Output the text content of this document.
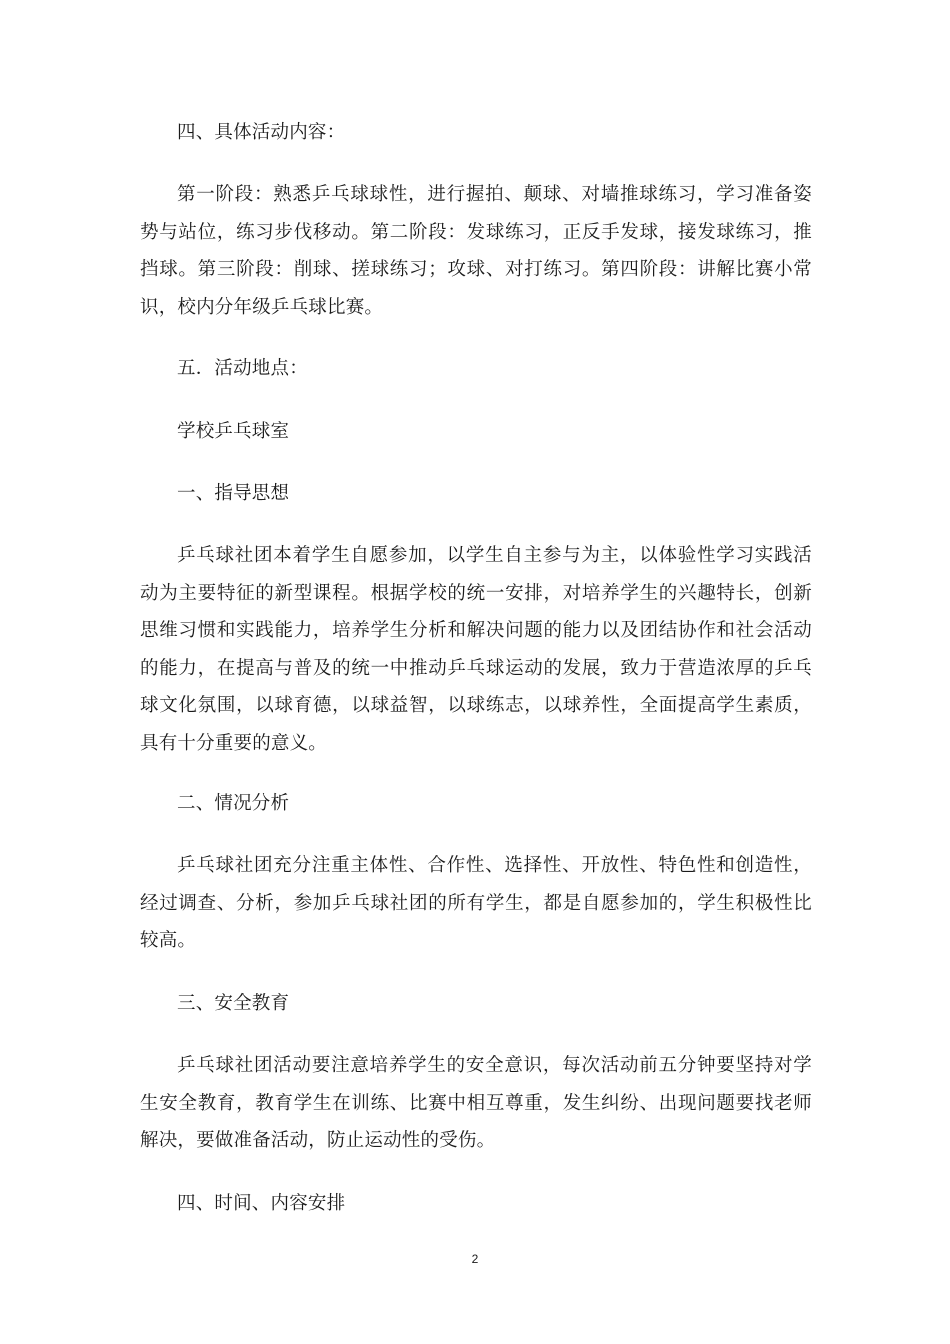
四、具体活动内容：

第一阶段：熟悉乒乓球球性，进行握拍、颠球、对墙推球练习，学习准备姿势与站位，练习步伐移动。第二阶段：发球练习，正反手发球，接发球练习，推挡球。第三阶段：削球、搓球练习；攻球、对打练习。第四阶段：讲解比赛小常识，校内分年级乒乓球比赛。

五．活动地点：

学校乒乓球室

一、指导思想

乒乓球社团本着学生自愿参加，以学生自主参与为主，以体验性学习实践活动为主要特征的新型课程。根据学校的统一安排，对培养学生的兴趣特长，创新思维习惯和实践能力，培养学生分析和解决问题的能力以及团结协作和社会活动的能力，在提高与普及的统一中推动乒乓球运动的发展，致力于营造浓厚的乒乓球文化氛围，以球育德，以球益智，以球练志，以球养性，全面提高学生素质，具有十分重要的意义。

二、情况分析

乒乓球社团充分注重主体性、合作性、选择性、开放性、特色性和创造性，经过调查、分析，参加乒乓球社团的所有学生，都是自愿参加的，学生积极性比较高。

三、安全教育

乒乓球社团活动要注意培养学生的安全意识，每次活动前五分钟要坚持对学生安全教育，教育学生在训练、比赛中相互尊重，发生纠纷、出现问题要找老师解决，要做准备活动，防止运动性的受伤。

四、时间、内容安排

2
